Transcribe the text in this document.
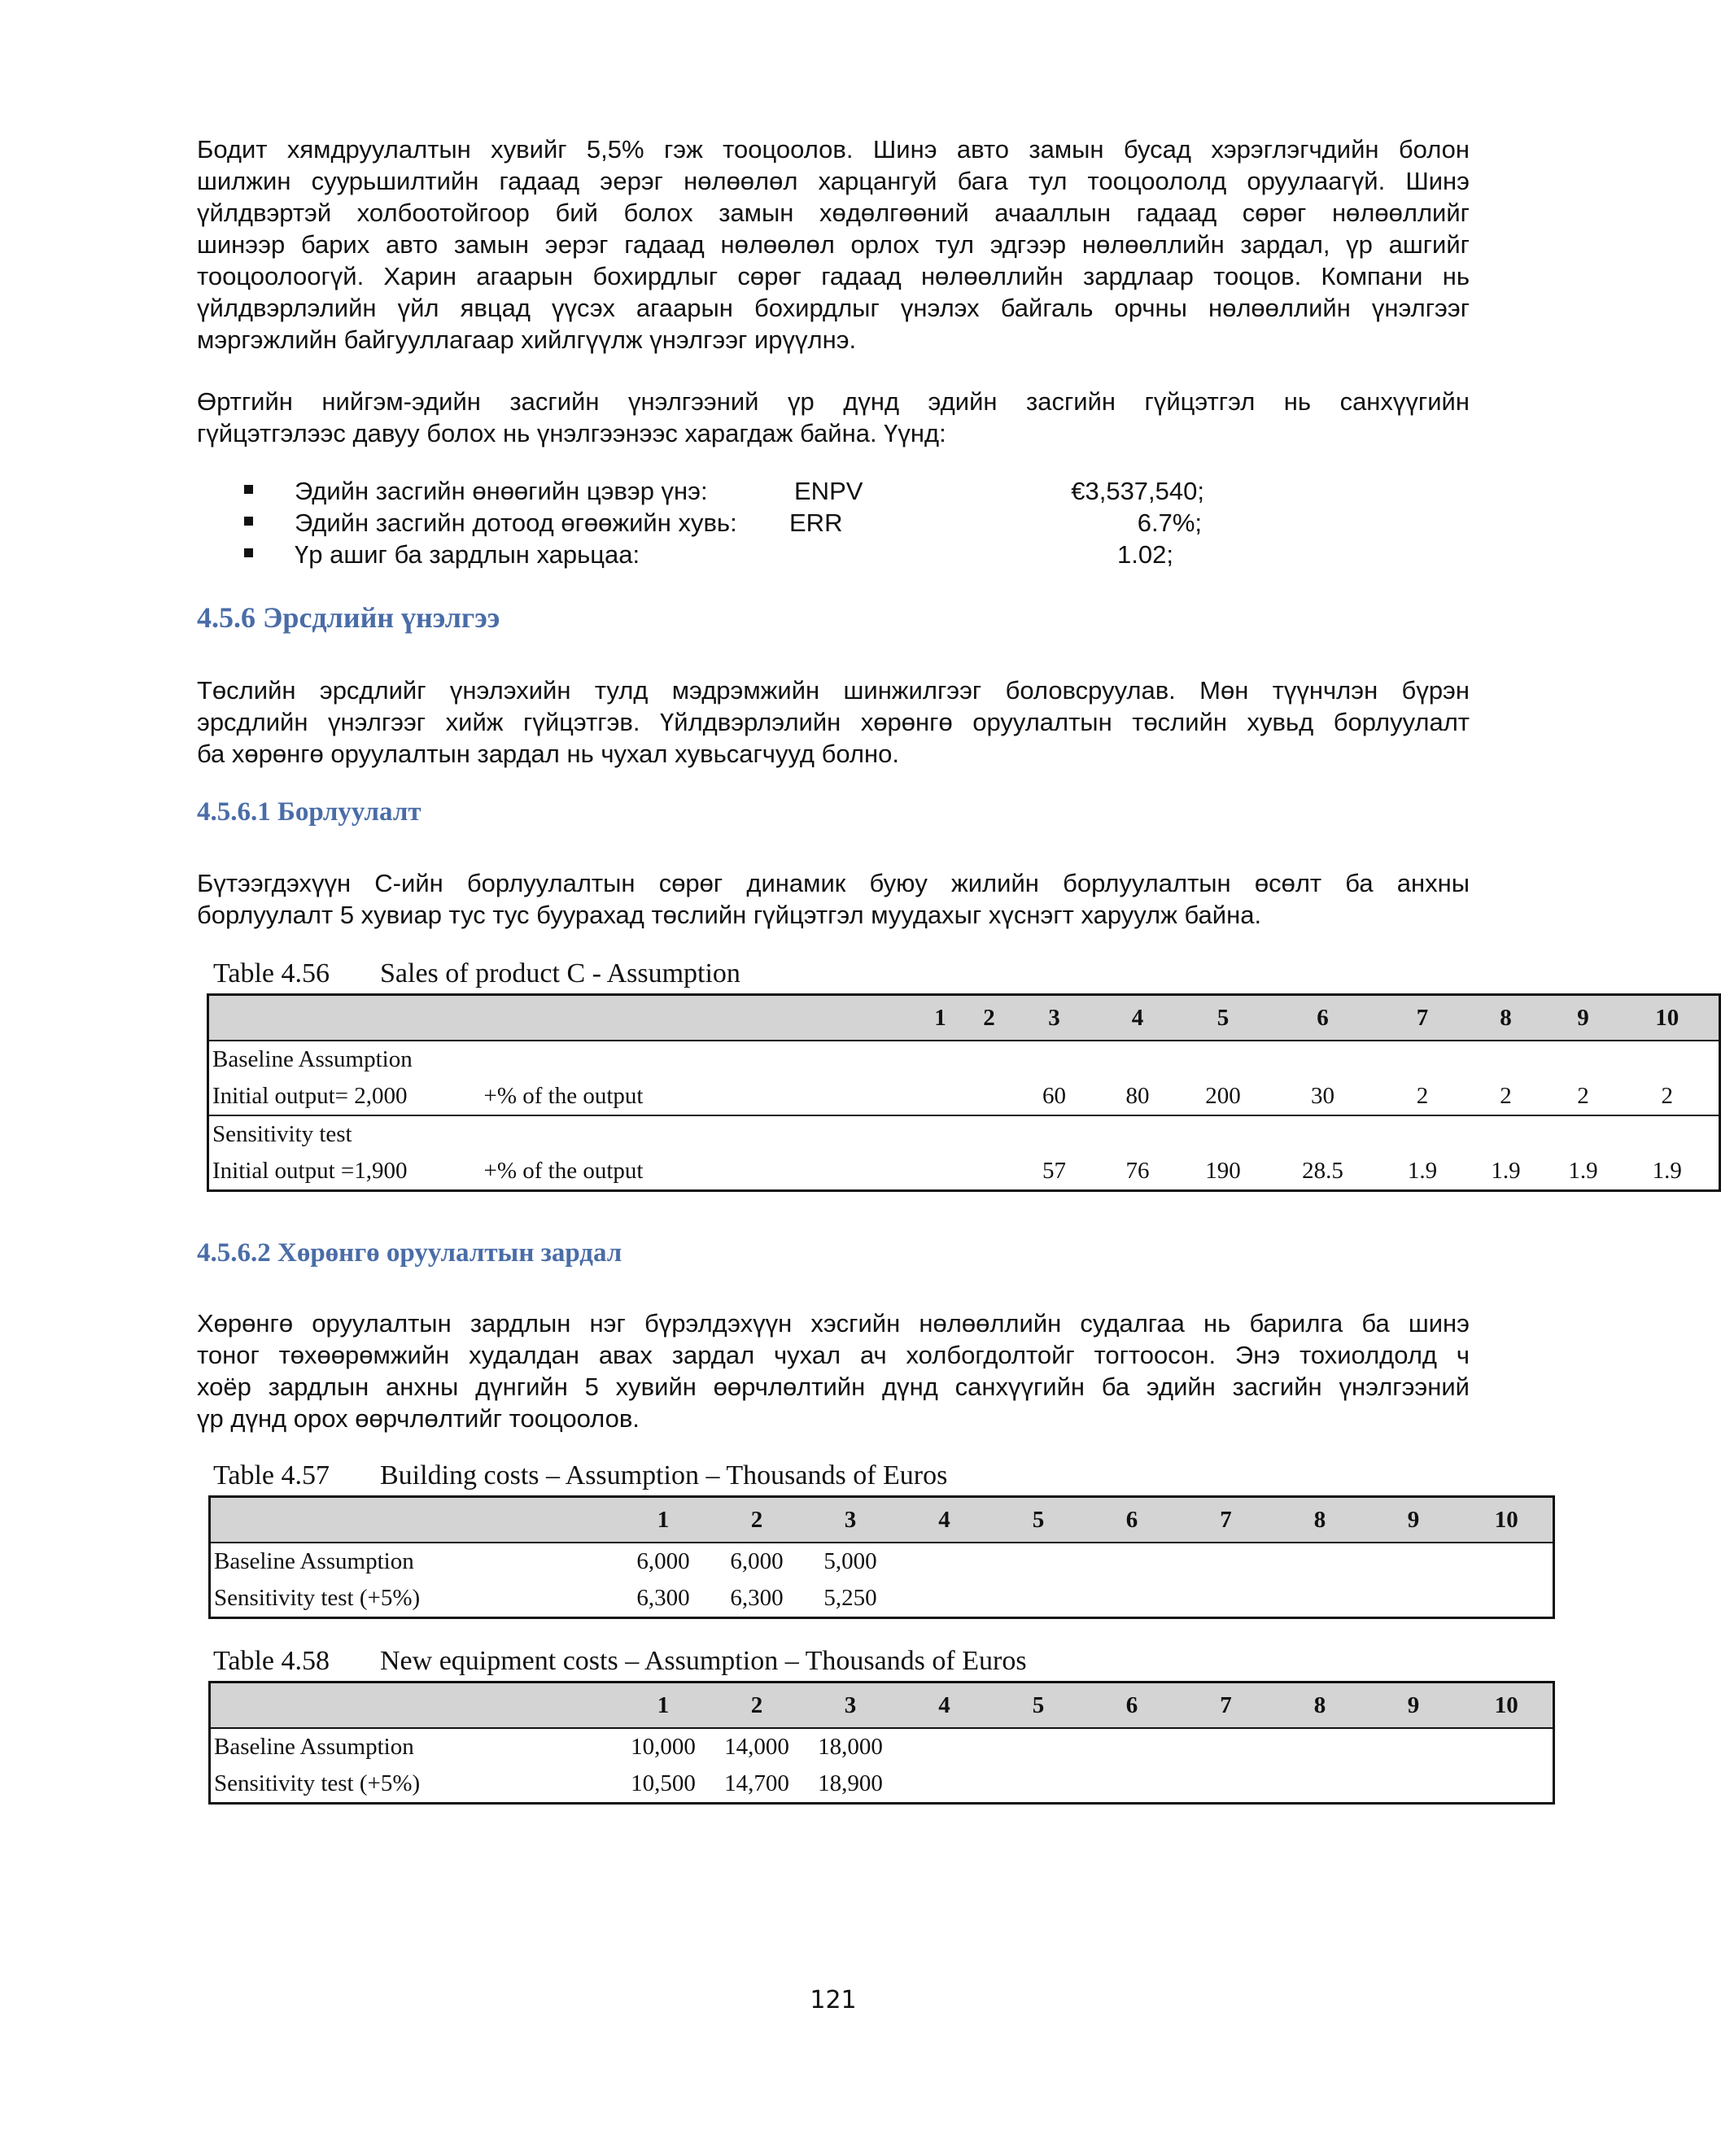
Бодит хямдруулалтын хувийг 5,5% гэж тооцоолов. Шинэ авто замын бусад хэрэглэгчдийн болон
шилжин суурьшилтийн гадаад эерэг нөлөөлөл харцангуй бага тул тооцоололд оруулаагүй. Шинэ
үйлдвэртэй холбоотойгоор бий болох замын хөдөлгөөний ачааллын гадаад сөрөг нөлөөллийг
шинээр барих авто замын эерэг гадаад нөлөөлөл орлох тул эдгээр нөлөөллийн зардал, үр ашгийг
тооцоолоогүй. Харин агаарын бохирдлыг сөрөг гадаад нөлөөллийн зардлаар тооцов. Компани нь
үйлдвэрлэлийн үйл явцад үүсэх агаарын бохирдлыг үнэлэх байгаль орчны нөлөөллийн үнэлгээг
мэргэжлийн байгууллагаар хийлгүүлж үнэлгээг ирүүлнэ.
Өртгийн нийгэм-эдийн засгийн үнэлгээний үр дүнд эдийн засгийн гүйцэтгэл нь санхүүгийн
гүйцэтгэлээс давуу болох нь үнэлгээнээс харагдаж байна. Үүнд:
Эдийн засгийн өнөөгийн цэвэр үнэ:	ENPV	€3,537,540;
Эдийн засгийн дотоод өгөөжийн хувь: ERR	6.7%;
Үр ашиг ба зардлын харьцаа:	1.02;
4.5.6 Эрсдлийн үнэлгээ
Төслийн эрсдлийг үнэлэхийн тулд мэдрэмжийн шинжилгээг боловсруулав. Мөн түүнчлэн бүрэн
эрсдлийн үнэлгээг хийж гүйцэтгэв. Үйлдвэрлэлийн хөрөнгө оруулалтын төслийн хувьд борлуулалт
ба хөрөнгө оруулалтын зардал нь чухал хувьсагчууд болно.
4.5.6.1 Борлуулалт
Бүтээгдэхүүн С-ийн борлуулалтын сөрөг динамик буюу жилийн борлуулалтын өсөлт ба анхны
борлуулалт 5 хувиар тус тус буурахад төслийн гүйцэтгэл муудахыг хүснэгт харуулж байна.
Table 4.56 Sales of product C - Assumption
		1	2	3	4	5	6	7	8	9	10
Baseline Assumption											
Initial output= 2,000	+% of the output			60	80	200	30	2	2	2	2
Sensitivity test											
Initial output =1,900	+% of the output			57	76	190	28.5	1.9	1.9	1.9	1.9
4.5.6.2 Хөрөнгө оруулалтын зардал
Хөрөнгө оруулалтын зардлын нэг бүрэлдэхүүн хэсгийн нөлөөллийн судалгаа нь барилга ба шинэ
тоног төхөөрөмжийн худалдан авах зардал чухал ач холбогдолтойг тогтоосон. Энэ тохиолдолд ч
хоёр зардлын анхны дүнгийн 5 хувийн өөрчлөлтийн дүнд санхүүгийн ба эдийн засгийн үнэлгээний
үр дүнд орох өөрчлөлтийг тооцоолов.
Table 4.57 Building costs – Assumption – Thousands of Euros
	1	2	3	4	5	6	7	8	9	10
Baseline Assumption	6,000	6,000	5,000							
Sensitivity test (+5%)	6,300	6,300	5,250							
Table 4.58 New equipment costs – Assumption – Thousands of Euros
	1	2	3	4	5	6	7	8	9	10
Baseline Assumption	10,000	14,000	18,000							
Sensitivity test (+5%)	10,500	14,700	18,900							
121
